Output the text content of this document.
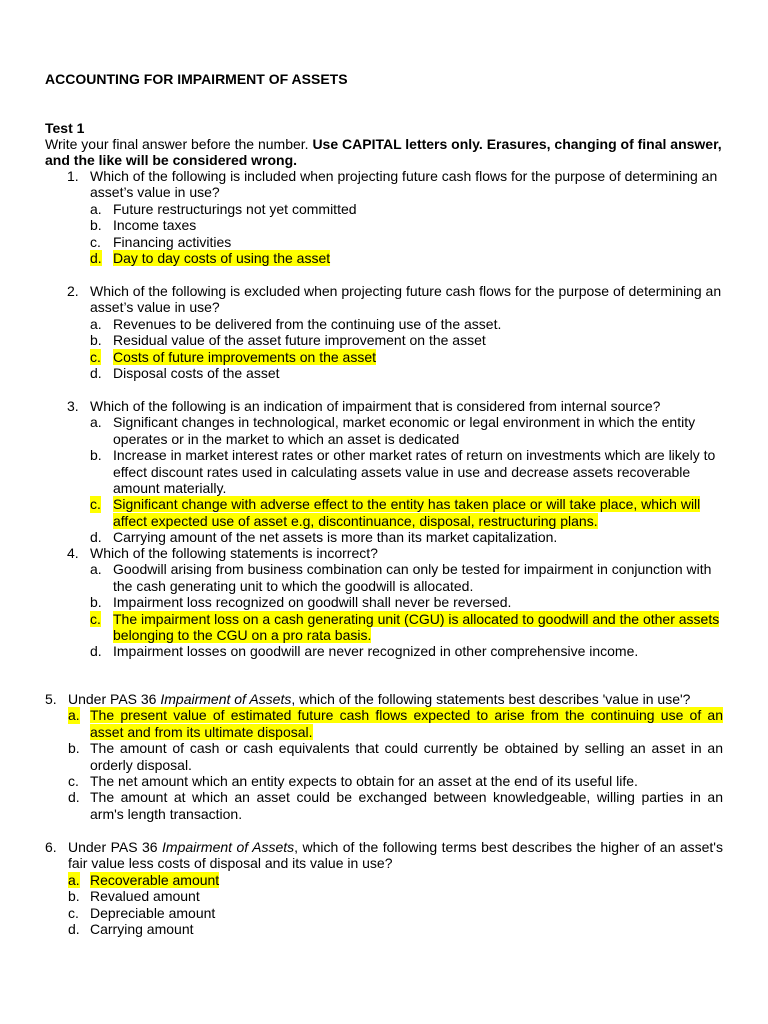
ACCOUNTING FOR IMPAIRMENT OF ASSETS
Test 1
Write your final answer before the number. Use CAPITAL letters only. Erasures, changing of final answer, and the like will be considered wrong.
1. Which of the following is included when projecting future cash flows for the purpose of determining an asset’s value in use?
a. Future restructurings not yet committed
b. Income taxes
c. Financing activities
d. Day to day costs of using the asset
2. Which of the following is excluded when projecting future cash flows for the purpose of determining an asset’s value in use?
a. Revenues to be delivered from the continuing use of the asset.
b. Residual value of the asset future improvement on the asset
c. Costs of future improvements on the asset
d. Disposal costs of the asset
3. Which of the following is an indication of impairment that is considered from internal source?
a. Significant changes in technological, market economic or legal environment in which the entity operates or in the market to which an asset is dedicated
b. Increase in market interest rates or other market rates of return on investments which are likely to effect discount rates used in calculating assets value in use and decrease assets recoverable amount materially.
c. Significant change with adverse effect to the entity has taken place or will take place, which will affect expected use of asset e.g, discontinuance, disposal, restructuring plans.
d. Carrying amount of the net assets is more than its market capitalization.
4. Which of the following statements is incorrect?
a. Goodwill arising from business combination can only be tested for impairment in conjunction with the cash generating unit to which the goodwill is allocated.
b. Impairment loss recognized on goodwill shall never be reversed.
c. The impairment loss on a cash generating unit (CGU) is allocated to goodwill and the other assets belonging to the CGU on a pro rata basis.
d. Impairment losses on goodwill are never recognized in other comprehensive income.
5. Under PAS 36 Impairment of Assets, which of the following statements best describes 'value in use'?
a. The present value of estimated future cash flows expected to arise from the continuing use of an asset and from its ultimate disposal.
b. The amount of cash or cash equivalents that could currently be obtained by selling an asset in an orderly disposal.
c. The net amount which an entity expects to obtain for an asset at the end of its useful life.
d. The amount at which an asset could be exchanged between knowledgeable, willing parties in an arm's length transaction.
6. Under PAS 36 Impairment of Assets, which of the following terms best describes the higher of an asset's fair value less costs of disposal and its value in use?
a. Recoverable amount
b. Revalued amount
c. Depreciable amount
d. Carrying amount
